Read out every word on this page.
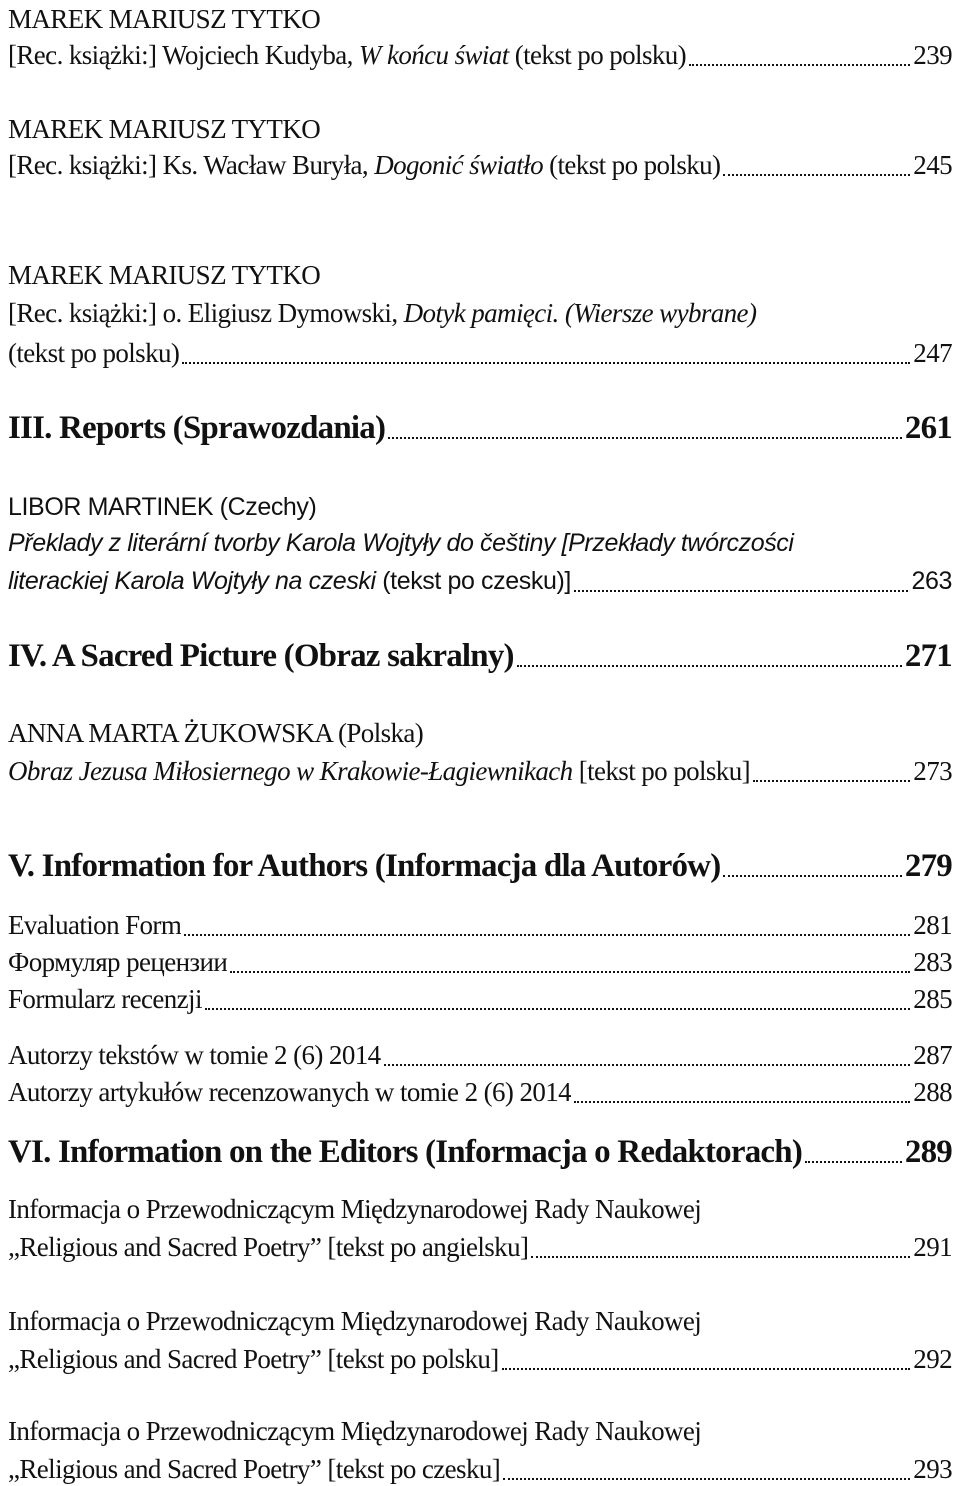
MAREK MARIUSZ TYTKO
[Rec. książki:] Wojciech Kudyba, W końcu świat (tekst po polsku)	239
MAREK MARIUSZ TYTKO
[Rec. książki:] Ks. Wacław Buryła, Dogonić światło (tekst po polsku)	245
MAREK MARIUSZ TYTKO
[Rec. książki:] o. Eligiusz Dymowski, Dotyk pamięci. (Wiersze wybrane)
(tekst po polsku)	247
III. Reports (Sprawozdania)	261
LIBOR MARTINEK (Czechy)
Překlady z literární tvorby Karola Wojtyły do češtiny [Przekłady twórczości
literackiej Karola Wojtyły na czeski (tekst po czesku)]	263
IV. A Sacred Picture (Obraz sakralny)	271
ANNA MARTA ŻUKOWSKA (Polska)
Obraz Jezusa Miłosiernego w Krakowie-Łagiewnikach [tekst po polsku]	273
V. Information for Authors (Informacja dla Autorów)	279
Evaluation Form	281
Формуляр рецензии	283
Formularz recenzji	285
Autorzy tekstów w tomie 2 (6) 2014	287
Autorzy artykułów recenzowanych w tomie 2 (6) 2014	288
VI. Information on the Editors (Informacja o Redaktorach)	289
Informacja o Przewodniczącym Międzynarodowej Rady Naukowej
„Religious and Sacred Poetry” [tekst po angielsku]	291
Informacja o Przewodniczącym Międzynarodowej Rady Naukowej
„Religious and Sacred Poetry” [tekst po polsku]	292
Informacja o Przewodniczącym Międzynarodowej Rady Naukowej
„Religious and Sacred Poetry” [tekst po czesku]	293
